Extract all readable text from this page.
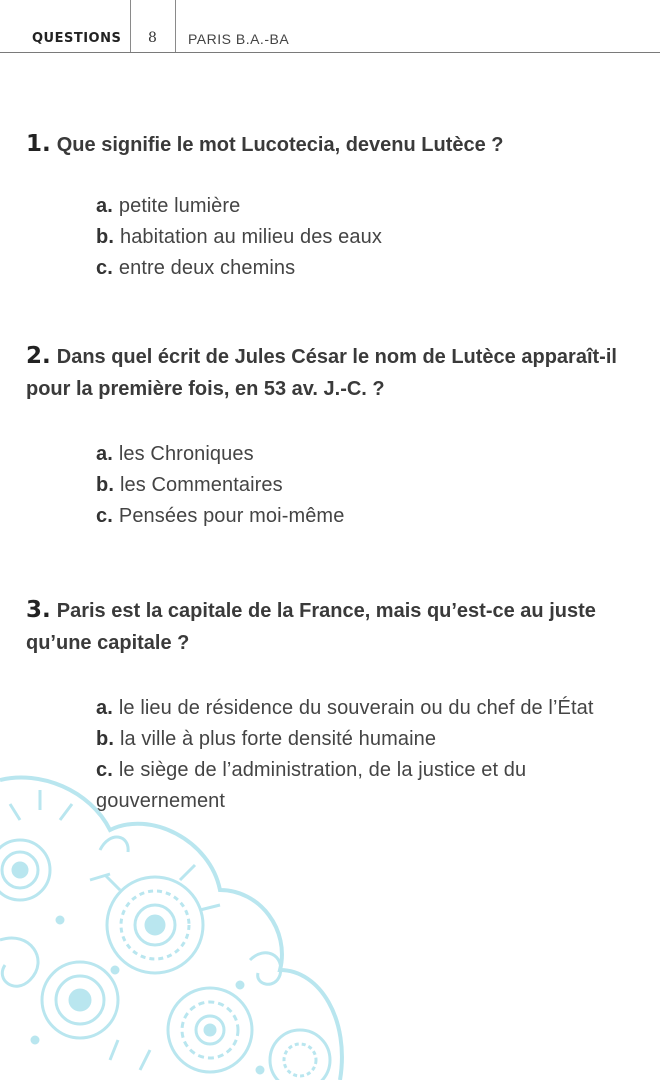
QUESTIONS	8	PARIS B.A.-BA

1. Que signifie le mot Lucotecia, devenu Lutèce ?

a. petite lumière
b. habitation au milieu des eaux
c. entre deux chemins

2. Dans quel écrit de Jules César le nom de Lutèce apparaît-il pour la première fois, en 53 av. J.-C. ?

a. les Chroniques
b. les Commentaires
c. Pensées pour moi-même

3. Paris est la capitale de la France, mais qu’est-ce au juste qu’une capitale ?

a. le lieu de résidence du souverain ou du chef de l’État
b. la ville à plus forte densité humaine
c. le siège de l’administration, de la justice et du gouvernement
